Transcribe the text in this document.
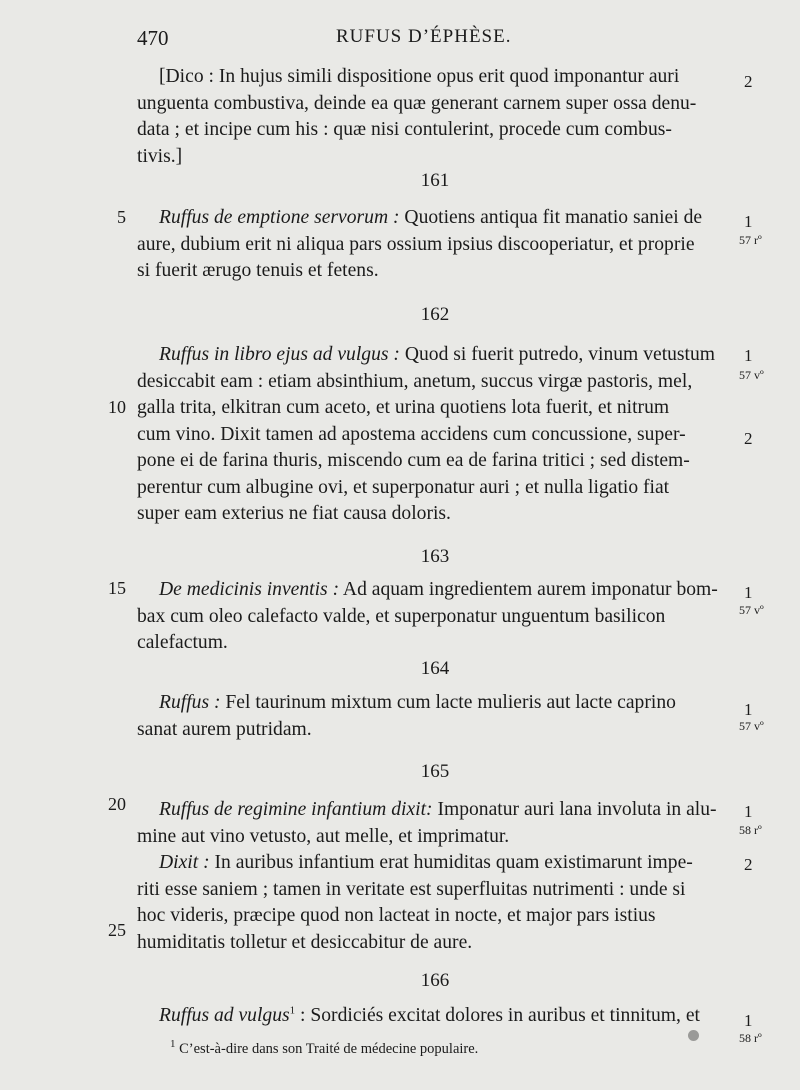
470	RUFUS D’ÉPHÈSE.
[Dico : In hujus simili dispositione opus erit quod imponantur auri
unguenta combustiva, deinde ea quæ generant carnem super ossa denu-
data ; et incipe cum his : quæ nisi contulerint, procede cum combus-
tivis.]
161
Ruffus de emptione servorum : Quotiens antiqua fit manatio saniei de
aure, dubium erit ni aliqua pars ossium ipsius discooperiatur, et proprie
si fuerit ærugo tenuis et fetens.
162
Ruffus in libro ejus ad vulgus : Quod si fuerit putredo, vinum vetustum
desiccabit eam : etiam absinthium, anetum, succus virgæ pastoris, mel,
galla trita, elkitran cum aceto, et urina quotiens lota fuerit, et nitrum
cum vino. Dixit tamen ad apostema accidens cum concussione, super-
pone ei de farina thuris, miscendo cum ea de farina tritici ; sed distem-
perentur cum albugine ovi, et superponatur auri ; et nulla ligatio fiat
super eam exterius ne fiat causa doloris.
163
De medicinis inventis : Ad aquam ingredientem aurem imponatur bom-
bax cum oleo calefacto valde, et superponatur unguentum basilicon
calefactum.
164
Ruffus : Fel taurinum mixtum cum lacte mulieris aut lacte caprino
sanat aurem putridam.
165
Ruffus de regimine infantium dixit: Imponatur auri lana involuta in alu-
mine aut vino vetusto, aut melle, et imprimatur.
Dixit : In auribus infantium erat humiditas quam existimarunt impe-
riti esse saniem ; tamen in veritate est superfluitas nutrimenti : unde si
hoc videris, præcipe quod non lacteat in nocte, et major pars istius
humiditatis tolletur et desiccabitur de aure.
166
Ruffus ad vulgus$^1$ : Sordiciés excitat dolores in auribus et tinnitum, et
5
10
15
20
25
2
1
57 rº
1
57 vº
2
1
57 vº
1
57 vº
1
58 rº
2
1
58 rº
$^1$ C’est-à-dire dans son Traité de médecine populaire.
